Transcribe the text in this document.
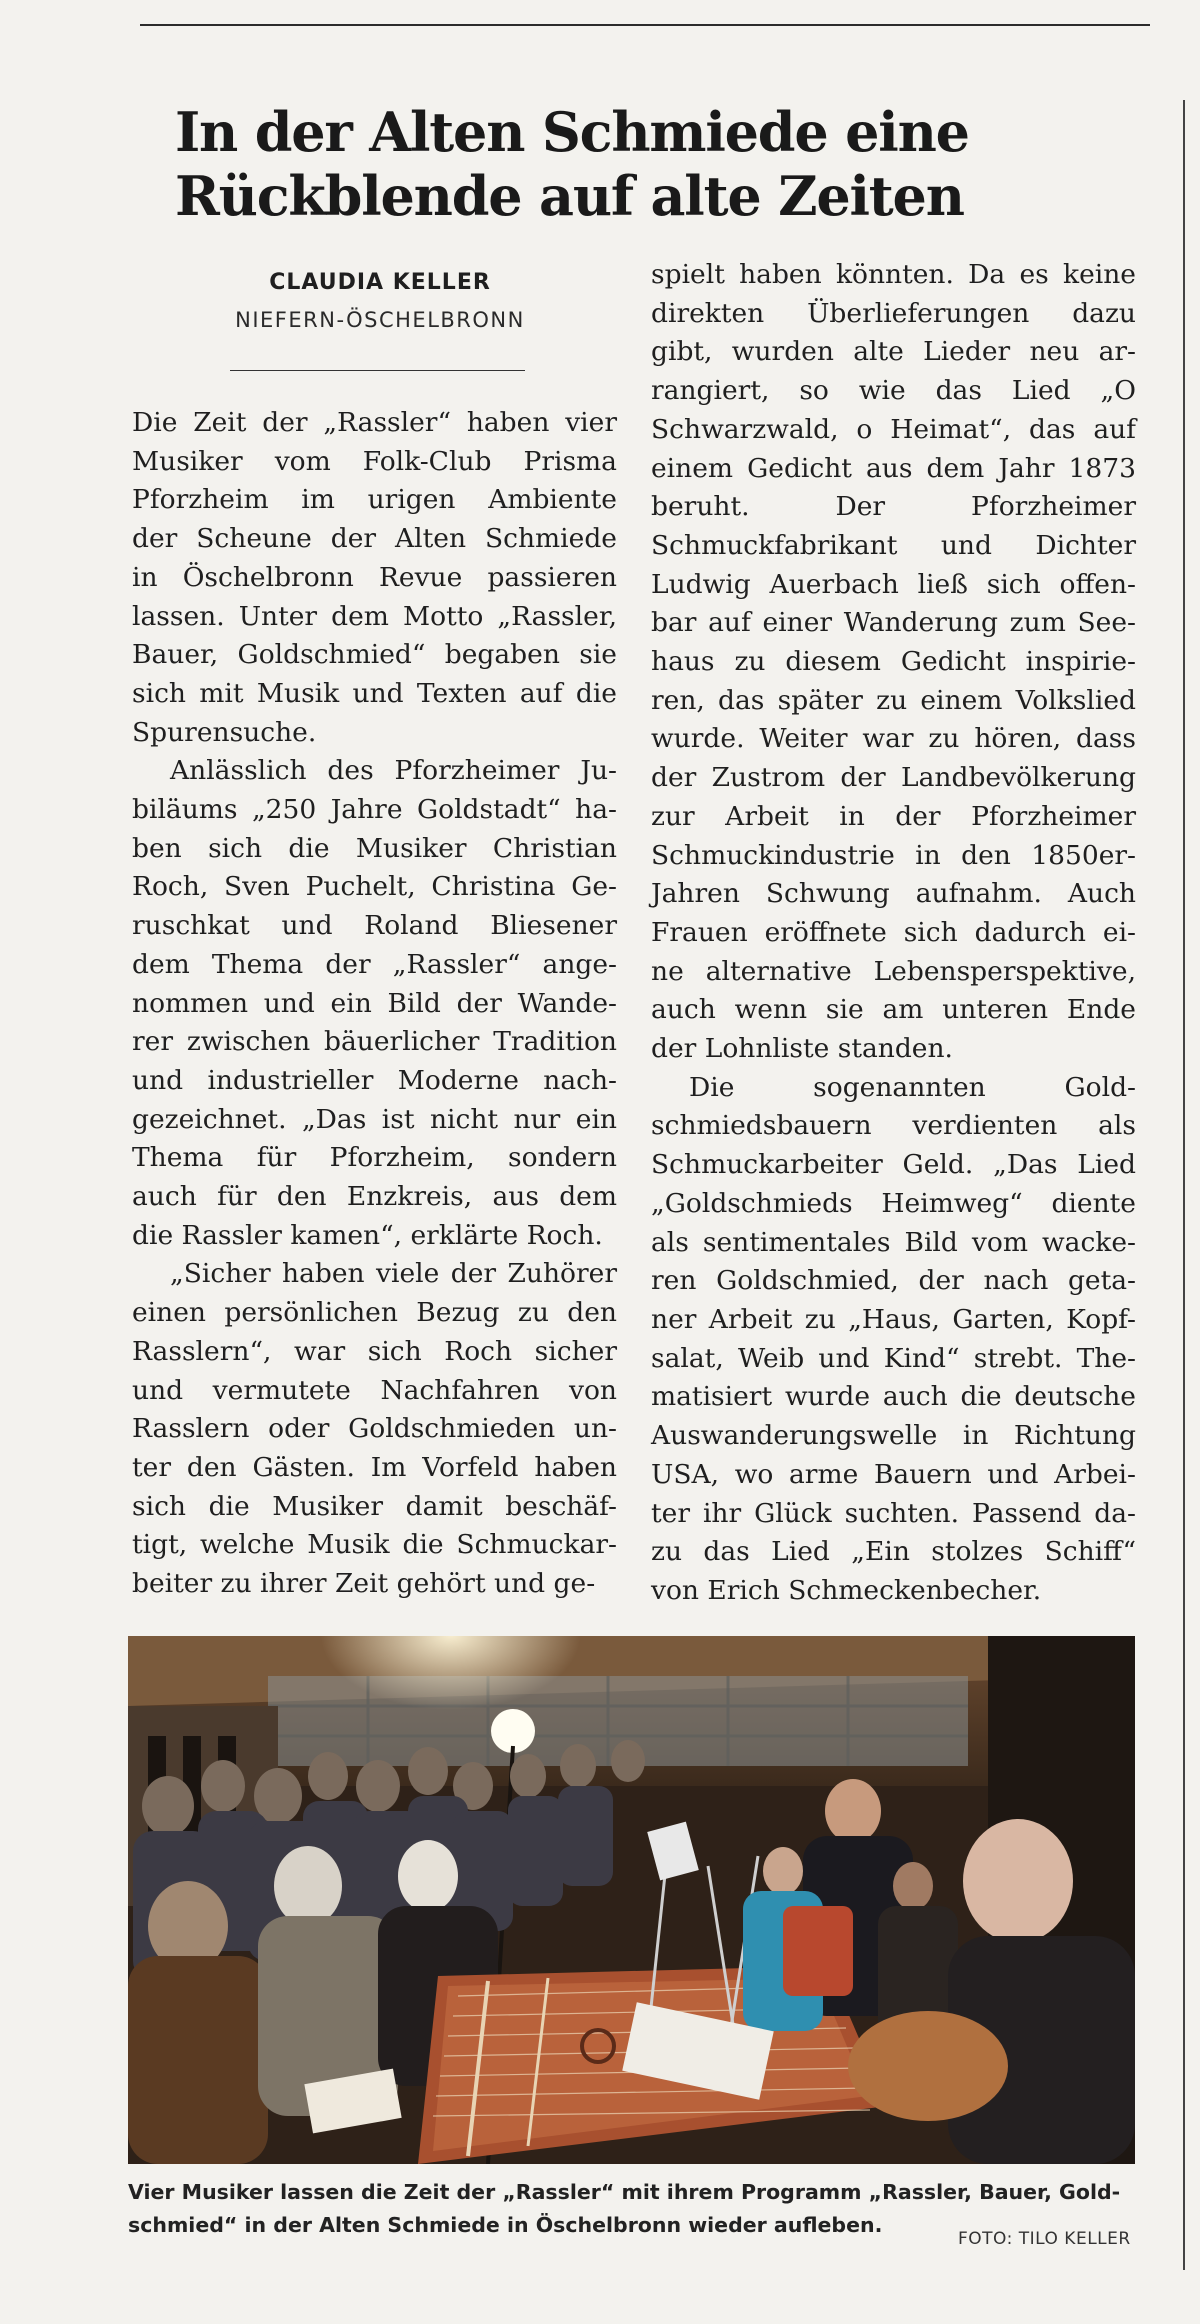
In der Alten Schmiede eine
Rückblende auf alte Zeiten
CLAUDIA KELLER
NIEFERN-ÖSCHELBRONN
Die Zeit der „Rassler“ haben vier
Musiker vom Folk-Club Prisma
Pforzheim im urigen Ambiente
der Scheune der Alten Schmiede
in Öschelbronn Revue passieren
lassen. Unter dem Motto „Rassler,
Bauer, Goldschmied“ begaben sie
sich mit Musik und Texten auf die
Spurensuche.
Anlässlich des Pforzheimer Ju-
biläums „250 Jahre Goldstadt“ ha-
ben sich die Musiker Christian
Roch, Sven Puchelt, Christina Ge-
ruschkat und Roland Bliesener
dem Thema der „Rassler“ ange-
nommen und ein Bild der Wande-
rer zwischen bäuerlicher Tradition
und industrieller Moderne nach-
gezeichnet. „Das ist nicht nur ein
Thema für Pforzheim, sondern
auch für den Enzkreis, aus dem
die Rassler kamen“, erklärte Roch.
„Sicher haben viele der Zuhörer
einen persönlichen Bezug zu den
Rasslern“, war sich Roch sicher
und vermutete Nachfahren von
Rasslern oder Goldschmieden un-
ter den Gästen. Im Vorfeld haben
sich die Musiker damit beschäf-
tigt, welche Musik die Schmuckar-
beiter zu ihrer Zeit gehört und ge-
spielt haben könnten. Da es keine
direkten Überlieferungen dazu
gibt, wurden alte Lieder neu ar-
rangiert, so wie das Lied „O
Schwarzwald, o Heimat“, das auf
einem Gedicht aus dem Jahr 1873
beruht. Der Pforzheimer
Schmuckfabrikant und Dichter
Ludwig Auerbach ließ sich offen-
bar auf einer Wanderung zum See-
haus zu diesem Gedicht inspirie-
ren, das später zu einem Volkslied
wurde. Weiter war zu hören, dass
der Zustrom der Landbevölkerung
zur Arbeit in der Pforzheimer
Schmuckindustrie in den 1850er-
Jahren Schwung aufnahm. Auch
Frauen eröffnete sich dadurch ei-
ne alternative Lebensperspektive,
auch wenn sie am unteren Ende
der Lohnliste standen.
Die sogenannten Gold-
schmiedsbauern verdienten als
Schmuckarbeiter Geld. „Das Lied
„Goldschmieds Heimweg“ diente
als sentimentales Bild vom wacke-
ren Goldschmied, der nach geta-
ner Arbeit zu „Haus, Garten, Kopf-
salat, Weib und Kind“ strebt. The-
matisiert wurde auch die deutsche
Auswanderungswelle in Richtung
USA, wo arme Bauern und Arbei-
ter ihr Glück suchten. Passend da-
zu das Lied „Ein stolzes Schiff“
von Erich Schmeckenbecher.
Vier Musiker lassen die Zeit der „Rassler“ mit ihrem Programm „Rassler, Bauer, Gold-
schmied“ in der Alten Schmiede in Öschelbronn wieder aufleben.
FOTO: TILO KELLER
